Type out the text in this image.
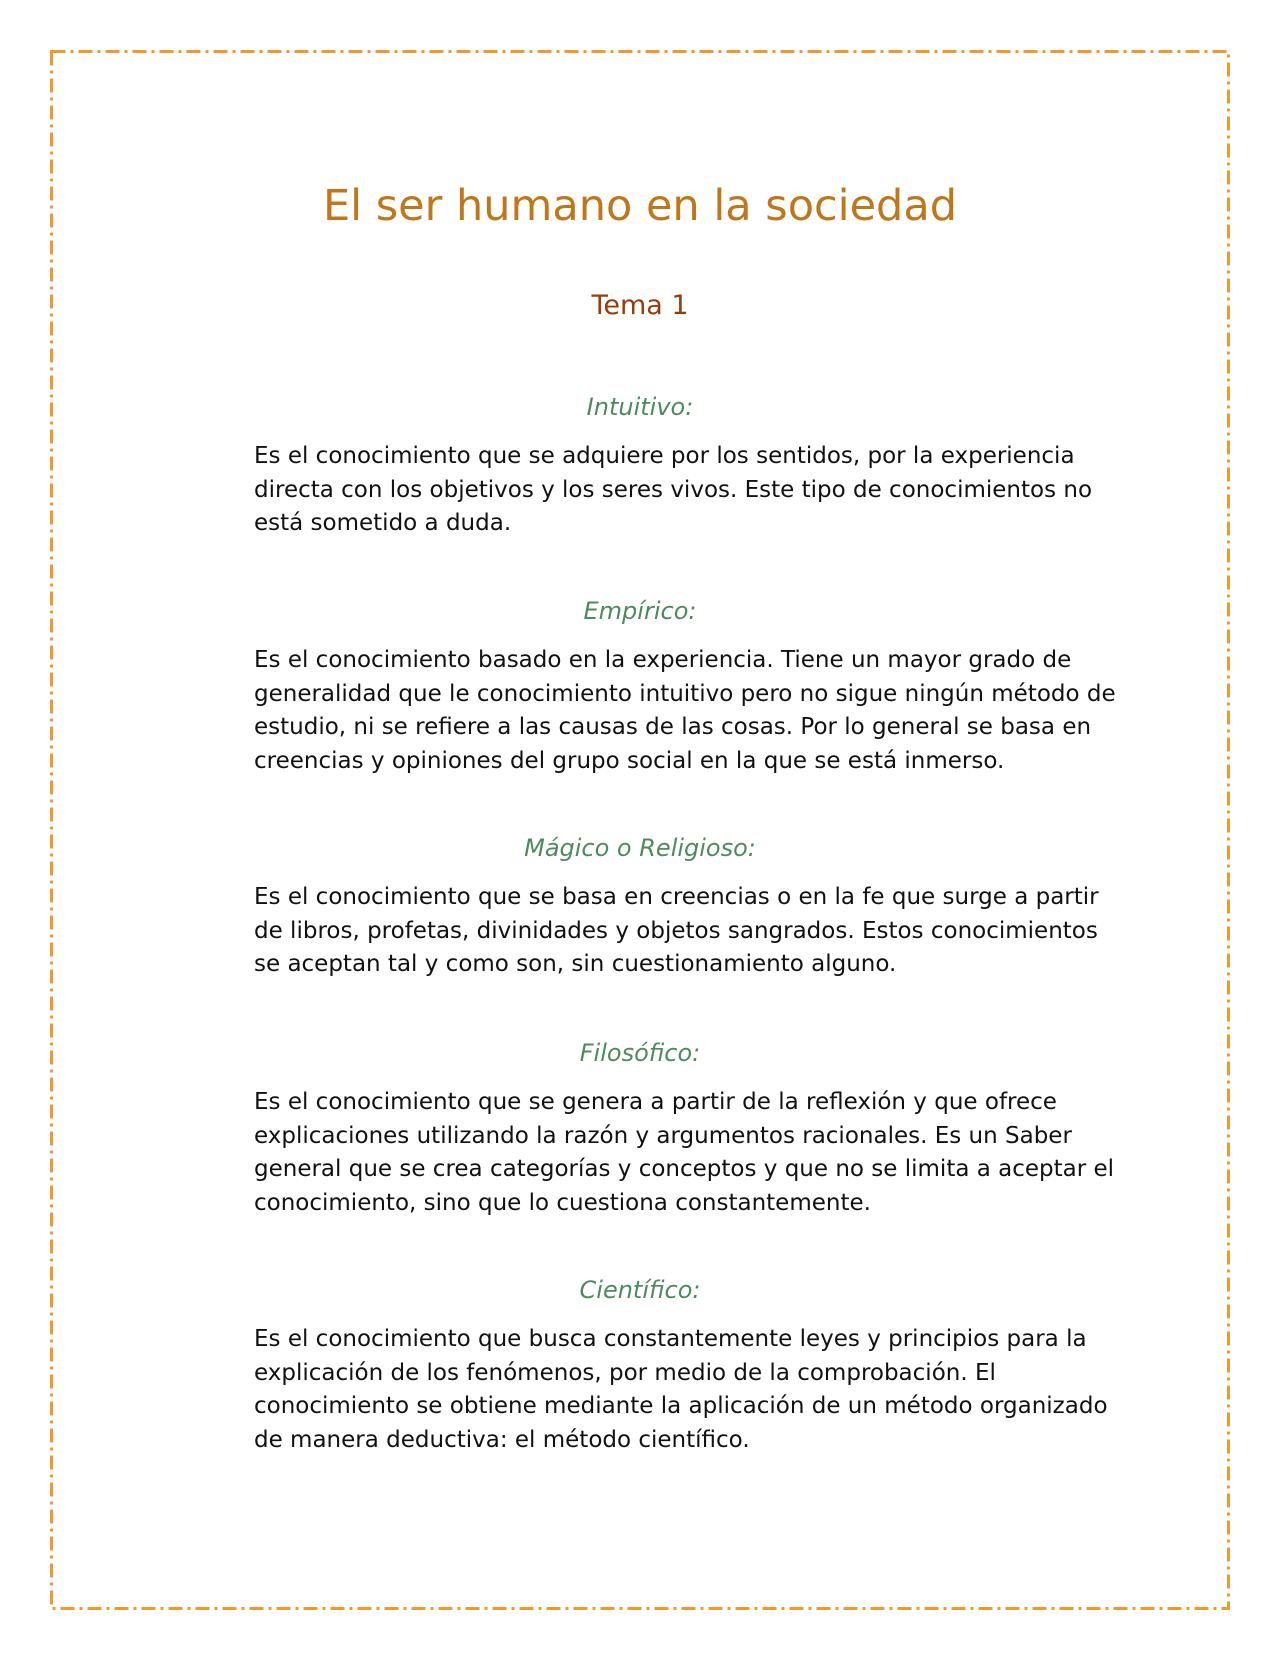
El ser humano en la sociedad
Tema 1
Intuitivo:
Es el conocimiento que se adquiere por los sentidos, por la experiencia directa con los objetivos y los seres vivos. Este tipo de conocimientos no está sometido a duda.
Empírico:
Es el conocimiento basado en la experiencia. Tiene un mayor grado de generalidad que le conocimiento intuitivo pero no sigue ningún método de estudio, ni se refiere a las causas de las cosas. Por lo general se basa en creencias y opiniones del grupo social en la que se está inmerso.
Mágico o Religioso:
Es el conocimiento que se basa en creencias o en la fe que surge a partir de libros, profetas, divinidades y objetos sangrados. Estos conocimientos se aceptan tal y como son, sin cuestionamiento alguno.
Filosófico:
Es el conocimiento que se genera a partir de la reflexión y que ofrece explicaciones utilizando la razón y argumentos racionales. Es un Saber general que se crea categorías y conceptos y que no se limita a aceptar el conocimiento, sino que lo cuestiona constantemente.
Científico:
Es el conocimiento que busca constantemente leyes y principios para la explicación de los fenómenos, por medio de la comprobación. El conocimiento se obtiene mediante la aplicación de un método organizado de manera deductiva: el método científico.
